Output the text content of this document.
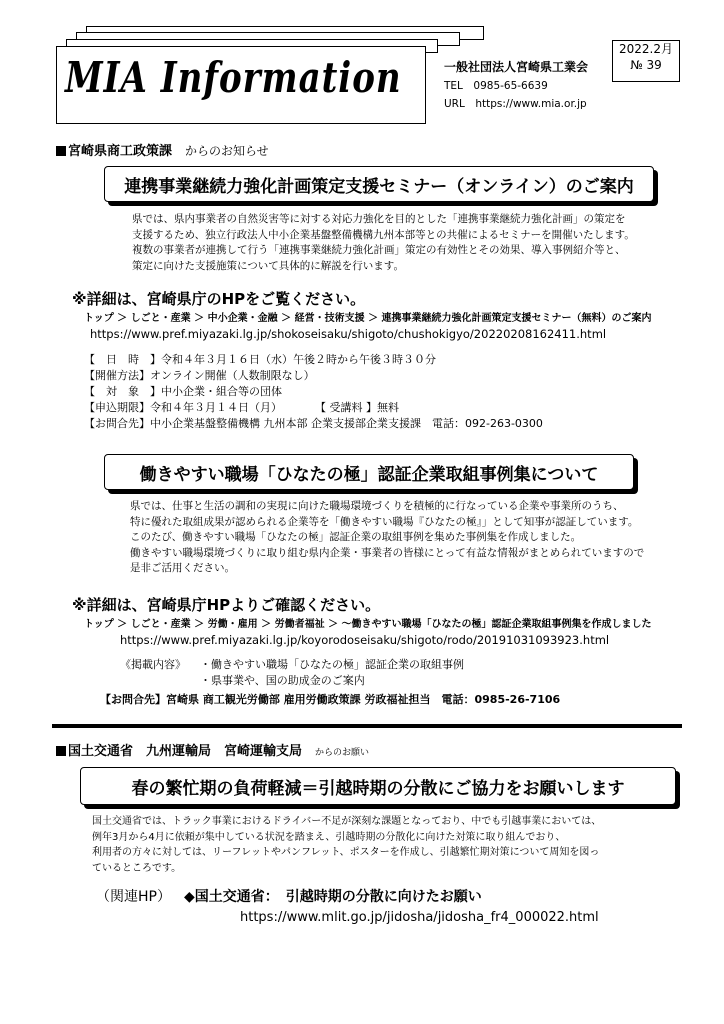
MIA Information	一般社団法人宮崎県工業会
TEL　0985-65-6639
URL　https://www.mia.or.jp
2022.2月
№ 39
宮崎県商工政策課　 からのお知らせ
連携事業継続力強化計画策定支援セミナー（オンライン）のご案内

県では、県内事業者の自然災害等に対する対応力強化を目的とした「連携事業継続力強化計画」の策定を

支援するため、独立行政法人中小企業基盤整備機構九州本部等との共催によるセミナーを開催いたします。

複数の事業者が連携して行う「連携事業継続力強化計画」策定の有効性とその効果、導入事例紹介等と、

策定に向けた支援施策について具体的に解説を行います。

※詳細は、宮崎県庁のHPをご覧ください。
トップ ＞ しごと・産業 ＞ 中小企業・金融 ＞ 経営・技術支援 ＞ 連携事業継続力強化計画策定支援セミナー（無料）のご案内
https://www.pref.miyazaki.lg.jp/shokoseisaku/shigoto/chushokigyo/20220208162411.html
【　日　時　】令和４年３月１６日（水）午後２時から午後３時３０分
【開催方法】オンライン開催（人数制限なし）
【　対　象　】中小企業・組合等の団体
【申込期限】令和４年３月１４日（月）　　　　【 受講料 】無料
【お問合先】中小企業基盤整備機構 九州本部 企業支援部企業支援課　電話：092-263-0300
働きやすい職場「ひなたの極」認証企業取組事例集について

県では、仕事と生活の調和の実現に向けた職場環境づくりを積極的に行なっている企業や事業所のうち、

特に優れた取組成果が認められる企業等を「働きやすい職場『ひなたの極』」として知事が認証しています。

このたび、働きやすい職場「ひなたの極」認証企業の取組事例を集めた事例集を作成しました。

働きやすい職場環境づくりに取り組む県内企業・事業者の皆様にとって有益な情報がまとめられていますので

是非ご活用ください。

※詳細は、宮崎県庁HPよりご確認ください。
トップ ＞ しごと・産業 ＞ 労働・雇用 ＞ 労働者福祉 ＞ ～働きやすい職場「ひなたの極」認証企業取組事例集を作成しました
https://www.pref.miyazaki.lg.jp/koyorodoseisaku/shigoto/rodo/20191031093923.html
《掲載内容》 ・働きやすい職場「ひなたの極」認証企業の取組事例
・県事業や、国の助成金のご案内
【お問合先】宮崎県 商工観光労働部 雇用労働政策課 労政福祉担当　電話：0985-26-7106
国土交通省　九州運輸局　宮崎運輸支局　 からのお願い
春の繁忙期の負荷軽減＝引越時期の分散にご協力をお願いします

国土交通省では、トラック事業におけるドライバー不足が深刻な課題となっており、中でも引越事業においては、

例年3月から4月に依頼が集中している状況を踏まえ、引越時期の分散化に向けた対策に取り組んでおり、

利用者の方々に対しては、リーフレットやパンフレット、ポスターを作成し、引越繁忙期対策について周知を図っ

ているところです。

（関連HP） ◆国土交通省：　引越時期の分散に向けたお願い
https://www.mlit.go.jp/jidosha/jidosha_fr4_000022.html
